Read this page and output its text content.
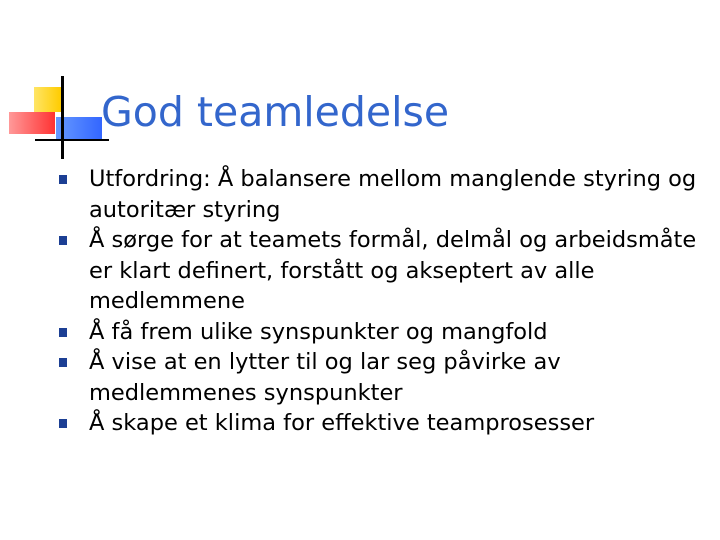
God teamledelse
Utfordring: Å balansere mellom manglende styring og autoritær styring
Å sørge for at teamets formål, delmål og arbeidsmåte er klart definert, forstått og akseptert av alle medlemmene
Å få frem ulike synspunkter og mangfold
Å vise at en lytter til og lar seg påvirke av medlemmenes synspunkter
Å skape et klima for effektive teamprosesser
